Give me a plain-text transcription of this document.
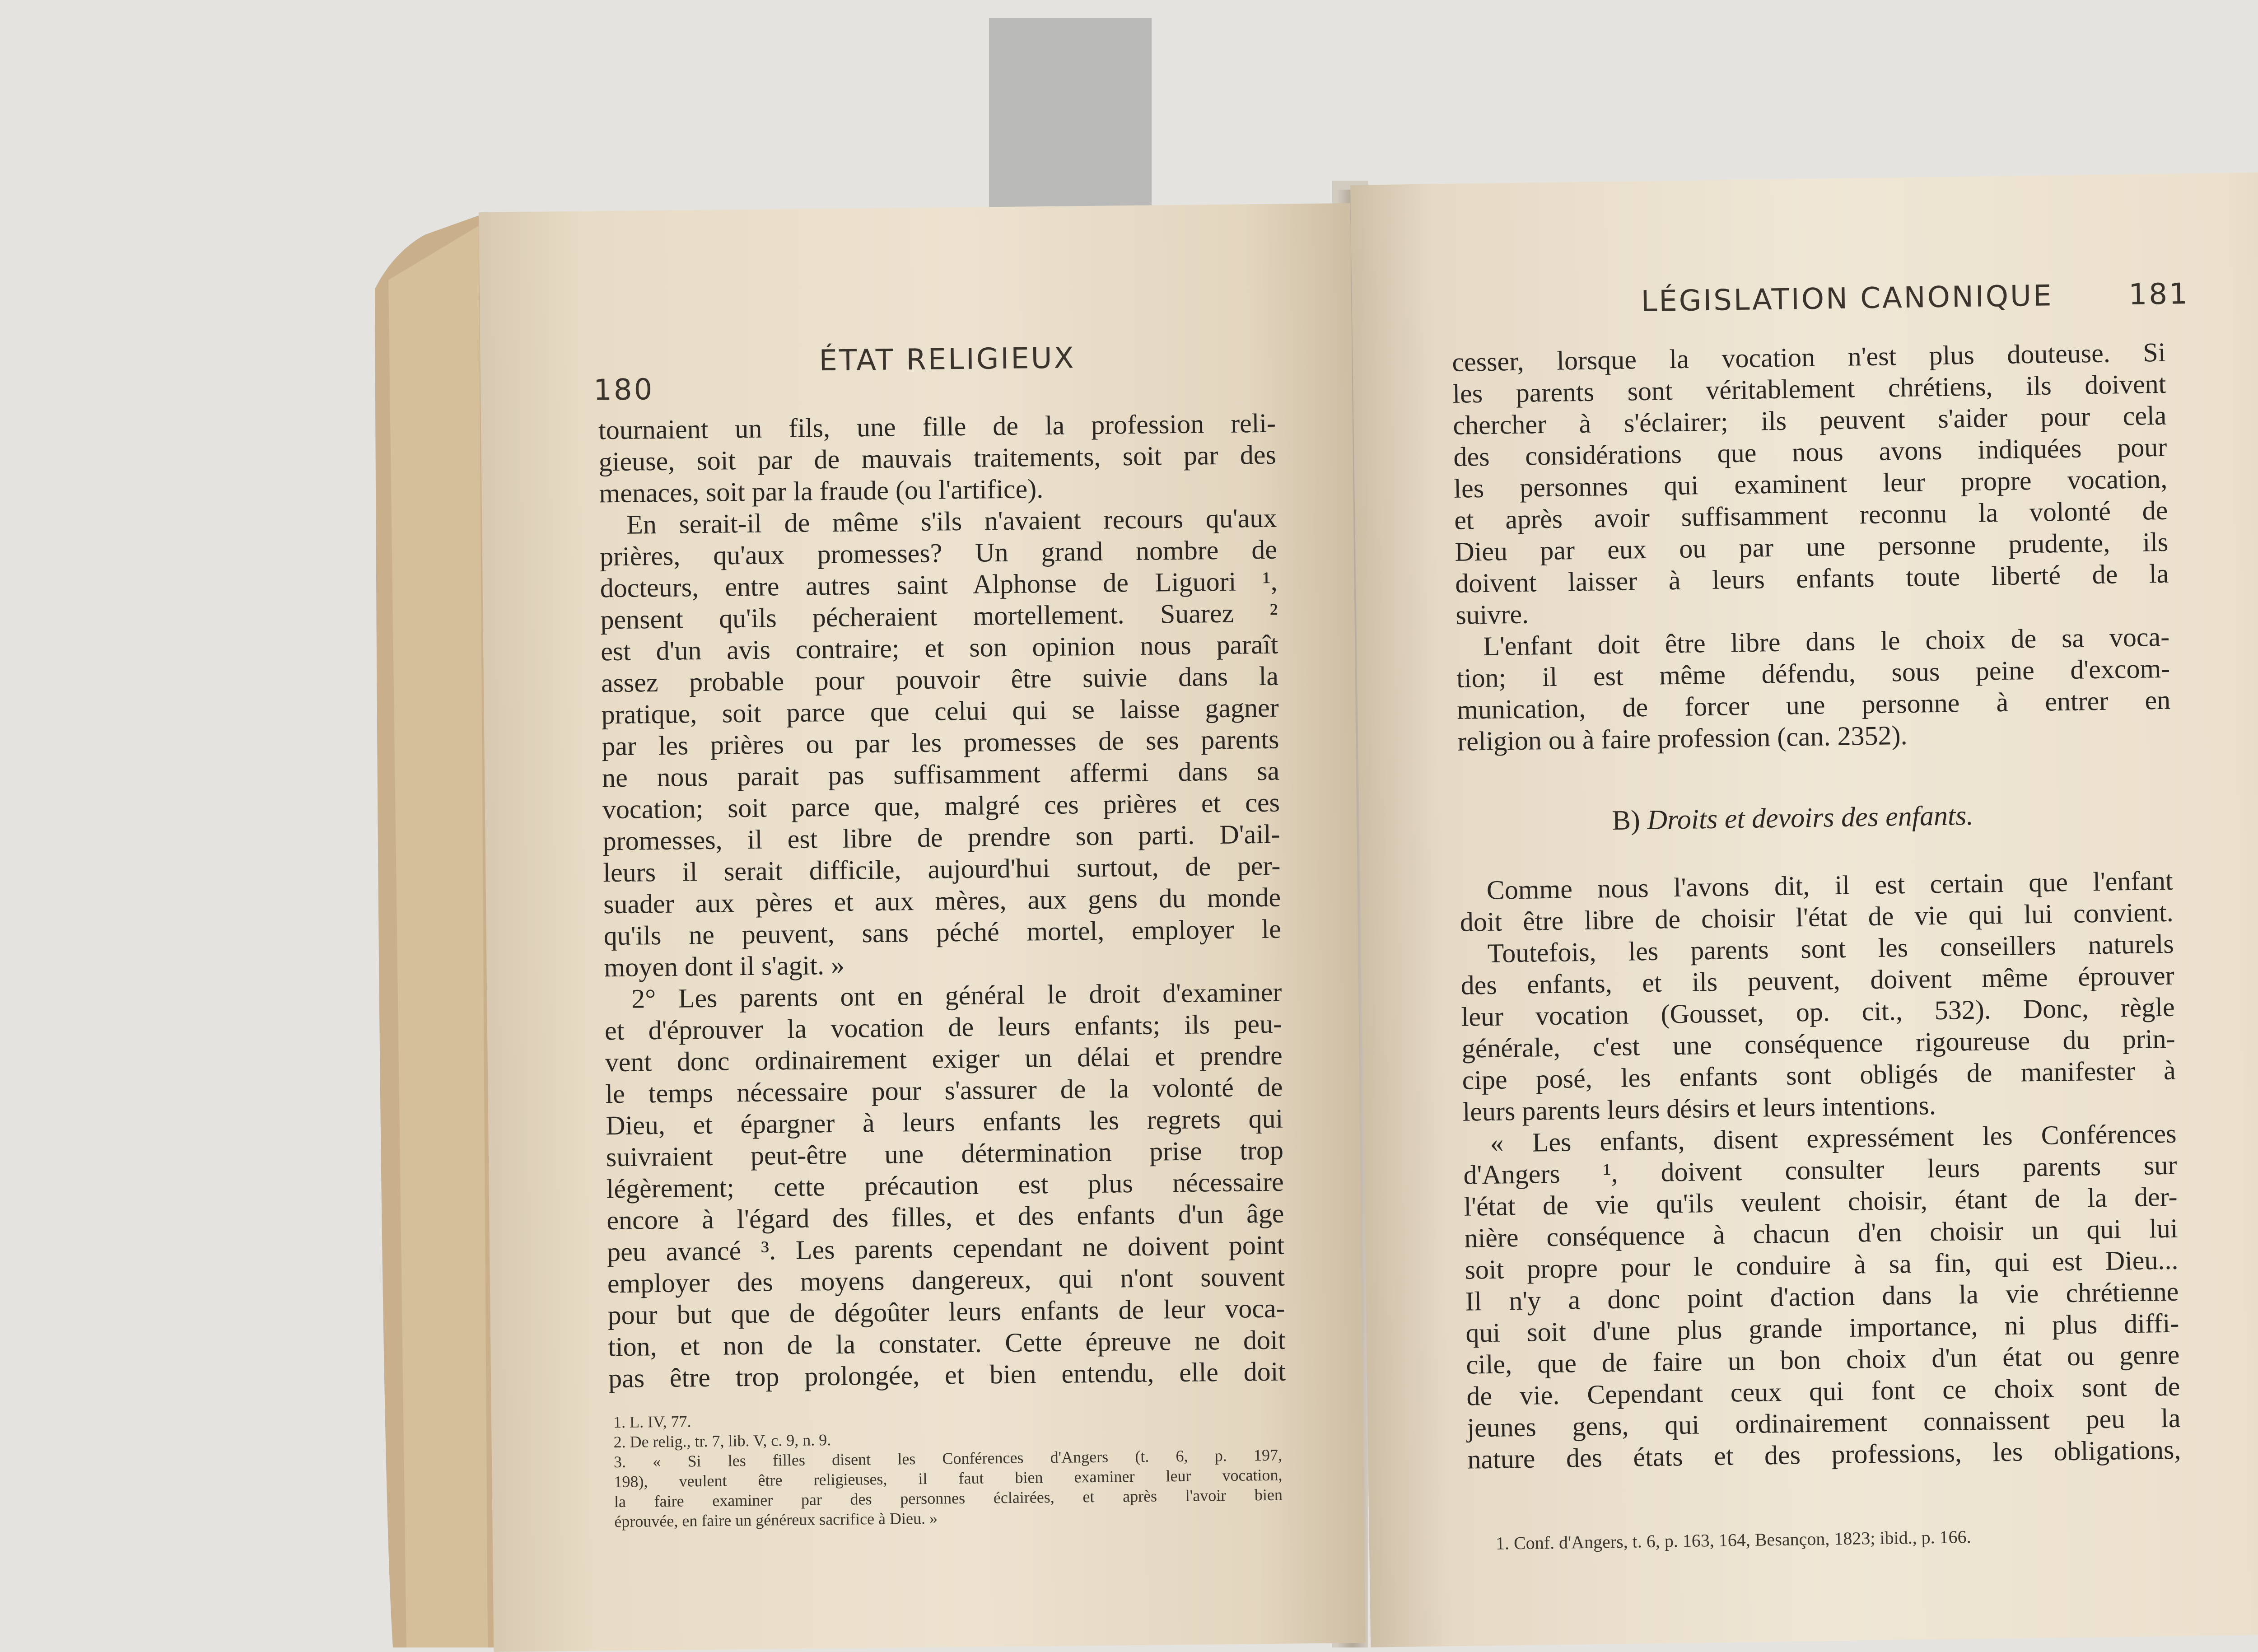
180
ÉTAT RELIGIEUX
tournaient un fils, une fille de la profession reli-
gieuse, soit par de mauvais traitements, soit par des
menaces, soit par la fraude (ou l'artifice).
En serait-il de même s'ils n'avaient recours qu'aux
prières, qu'aux promesses? Un grand nombre de
docteurs, entre autres saint Alphonse de Liguori ¹,
pensent qu'ils pécheraient mortellement. Suarez ²
est d'un avis contraire; et son opinion nous paraît
assez probable pour pouvoir être suivie dans la
pratique, soit parce que celui qui se laisse gagner
par les prières ou par les promesses de ses parents
ne nous parait pas suffisamment affermi dans sa
vocation; soit parce que, malgré ces prières et ces
promesses, il est libre de prendre son parti. D'ail-
leurs il serait difficile, aujourd'hui surtout, de per-
suader aux pères et aux mères, aux gens du monde
qu'ils ne peuvent, sans péché mortel, employer le
moyen dont il s'agit. »
2° Les parents ont en général le droit d'examiner
et d'éprouver la vocation de leurs enfants; ils peu-
vent donc ordinairement exiger un délai et prendre
le temps nécessaire pour s'assurer de la volonté de
Dieu, et épargner à leurs enfants les regrets qui
suivraient peut-être une détermination prise trop
légèrement; cette précaution est plus nécessaire
encore à l'égard des filles, et des enfants d'un âge
peu avancé ³. Les parents cependant ne doivent point
employer des moyens dangereux, qui n'ont souvent
pour but que de dégoûter leurs enfants de leur voca-
tion, et non de la constater. Cette épreuve ne doit
pas être trop prolongée, et bien entendu, elle doit
1. L. IV, 77.
2. De relig., tr. 7, lib. V, c. 9, n. 9.
3. « Si les filles disent les Conférences d'Angers (t. 6, p. 197,
198), veulent être religieuses, il faut bien examiner leur vocation,
la faire examiner par des personnes éclairées, et après l'avoir bien
éprouvée, en faire un généreux sacrifice à Dieu. »
LÉGISLATION CANONIQUE	181
cesser, lorsque la vocation n'est plus douteuse. Si
les parents sont véritablement chrétiens, ils doivent
chercher à s'éclairer; ils peuvent s'aider pour cela
des considérations que nous avons indiquées pour
les personnes qui examinent leur propre vocation,
et après avoir suffisamment reconnu la volonté de
Dieu par eux ou par une personne prudente, ils
doivent laisser à leurs enfants toute liberté de la
suivre.
L'enfant doit être libre dans le choix de sa voca-
tion; il est même défendu, sous peine d'excom-
munication, de forcer une personne à entrer en
religion ou à faire profession (can. 2352).
B) Droits et devoirs des enfants.
Comme nous l'avons dit, il est certain que l'enfant
doit être libre de choisir l'état de vie qui lui convient.
Toutefois, les parents sont les conseillers naturels
des enfants, et ils peuvent, doivent même éprouver
leur vocation (Gousset, op. cit., 532). Donc, règle
générale, c'est une conséquence rigoureuse du prin-
cipe posé, les enfants sont obligés de manifester à
leurs parents leurs désirs et leurs intentions.
« Les enfants, disent expressément les Conférences
d'Angers ¹, doivent consulter leurs parents sur
l'état de vie qu'ils veulent choisir, étant de la der-
nière conséquence à chacun d'en choisir un qui lui
soit propre pour le conduire à sa fin, qui est Dieu...
Il n'y a donc point d'action dans la vie chrétienne
qui soit d'une plus grande importance, ni plus diffi-
cile, que de faire un bon choix d'un état ou genre
de vie. Cependant ceux qui font ce choix sont de
jeunes gens, qui ordinairement connaissent peu la
nature des états et des professions, les obligations,
1. Conf. d'Angers, t. 6, p. 163, 164, Besançon, 1823; ibid., p. 166.
